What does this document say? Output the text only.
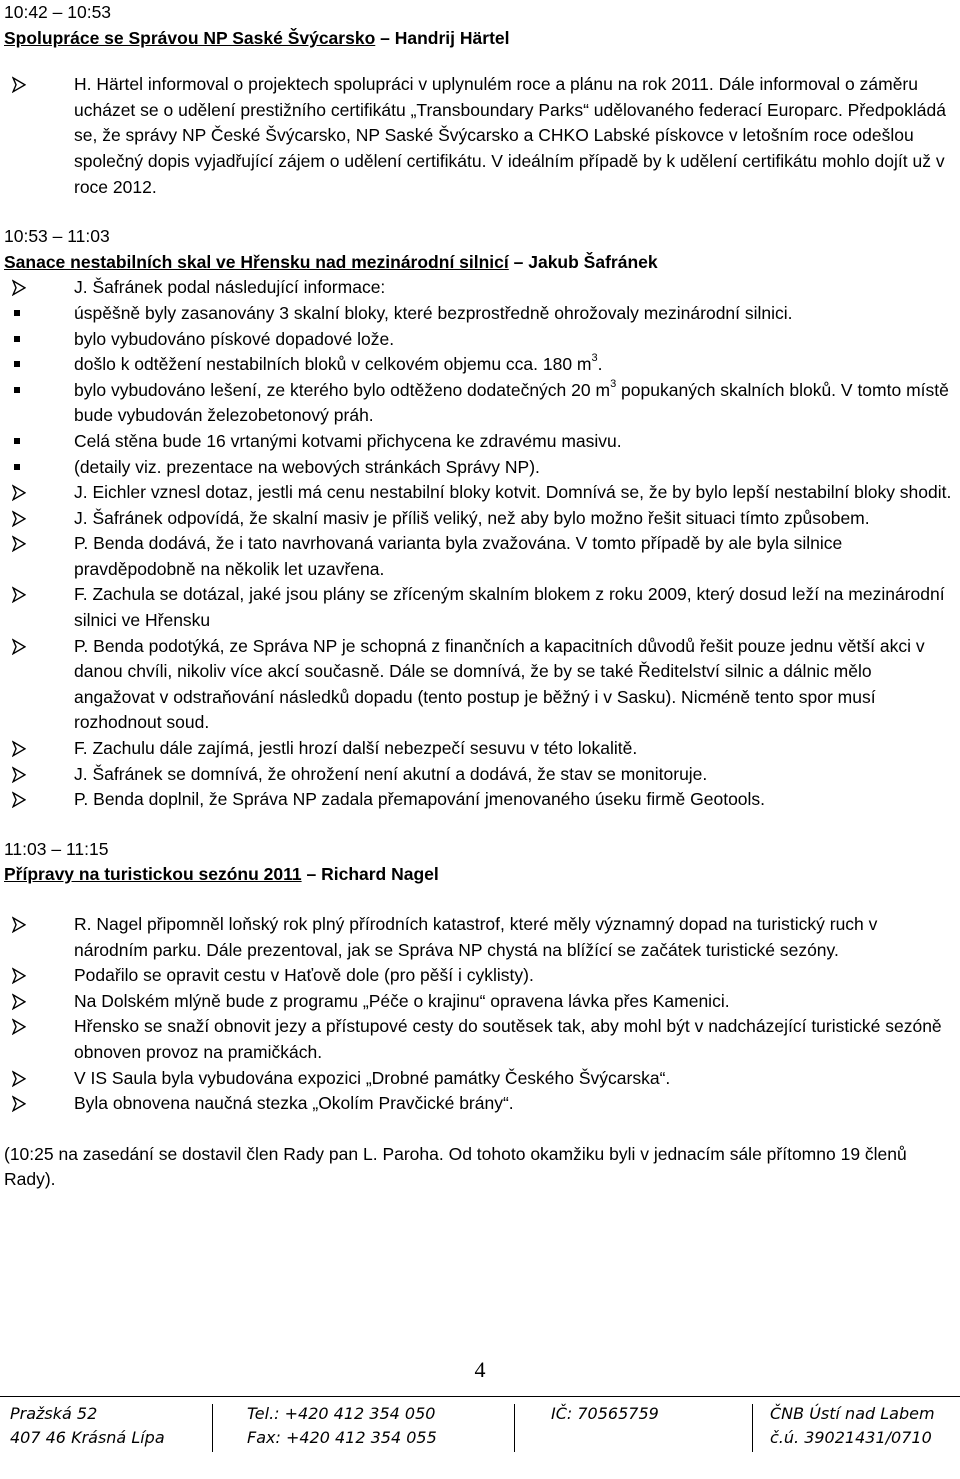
10:42 – 10:53

Spolupráce se Správou NP Saské Švýcarsko – Handrij Härtel

H. Härtel informoval o projektech spolupráci v uplynulém roce a plánu na rok 2011. Dále informoval o záměru ucházet se o udělení prestižního certifikátu „Transboundary Parks“ udělovaného federací Europarc. Předpokládá se, že správy NP České Švýcarsko, NP Saské Švýcarsko a CHKO Labské pískovce v letošním roce odešlou společný dopis vyjadřující zájem o udělení certifikátu. V ideálním případě by k udělení certifikátu mohlo dojít už v roce 2012.

10:53 – 11:03

Sanace nestabilních skal ve Hřensku nad mezinárodní silnicí – Jakub Šafránek

J. Šafránek podal následující informace:

úspěšně byly zasanovány 3 skalní bloky, které bezprostředně ohrožovaly mezinárodní silnici.

bylo vybudováno pískové dopadové lože.

došlo k odtěžení nestabilních bloků v celkovém objemu cca. 180 $m^3$.

bylo vybudováno lešení, ze kterého bylo odtěženo dodatečných 20 $m^3$ popukaných skalních bloků. V tomto místě bude vybudován železobetonový práh.

Celá stěna bude 16 vrtanými kotvami přichycena ke zdravému masivu.

(detaily viz. prezentace na webových stránkách Správy NP).

J. Eichler vznesl dotaz, jestli má cenu nestabilní bloky kotvit. Domnívá se, že by bylo lepší nestabilní bloky shodit.

J. Šafránek odpovídá, že skalní masiv je příliš veliký, než aby bylo možno řešit situaci tímto způsobem.

P. Benda dodává, že i tato navrhovaná varianta byla zvažována. V tomto případě by ale byla silnice pravděpodobně na několik let uzavřena.

F. Zachula se dotázal, jaké jsou plány se zříceným skalním blokem z roku 2009, který dosud leží na mezinárodní silnici ve Hřensku

P. Benda podotýká, ze Správa NP je schopná z finančních a kapacitních důvodů řešit pouze jednu větší akci v danou chvíli, nikoliv více akcí současně. Dále se domnívá, že by se také Ředitelství silnic a dálnic mělo angažovat v odstraňování následků dopadu (tento postup je běžný i v Sasku). Nicméně tento spor musí rozhodnout soud.

F. Zachulu dále zajímá, jestli hrozí další nebezpečí sesuvu v této lokalitě.

J. Šafránek se domnívá, že ohrožení není akutní a dodává, že stav se monitoruje.

P. Benda doplnil, že Správa NP zadala přemapování jmenovaného úseku firmě Geotools.

11:03 – 11:15

Přípravy na turistickou sezónu 2011 – Richard Nagel

R. Nagel připomněl loňský rok plný přírodních katastrof, které měly významný dopad na turistický ruch v národním parku. Dále prezentoval, jak se Správa NP chystá na blížící se začátek turistické sezóny.

Podařilo se opravit cestu v Haťově dole (pro pěší i cyklisty).

Na Dolském mlýně bude z programu „Péče o krajinu“ opravena lávka přes Kamenici.

Hřensko se snaží obnovit jezy a přístupové cesty do soutěsek tak, aby mohl být v nadcházející turistické sezóně obnoven provoz na pramičkách.

V IS Saula byla vybudována expozici „Drobné památky Českého Švýcarska“.

Byla obnovena naučná stezka „Okolím Pravčické brány“.

(10:25 na zasedání se dostavil člen Rady pan L. Paroha. Od tohoto okamžiku byli v jednacím sále přítomno 19 členů Rady).

4
Pražská 52
407 46 Krásná Lípa
Tel.: +420 412 354 050
Fax: +420 412 354 055
IČ: 70565759	ČNB Ústí nad Labem
č.ú. 39021431/0710
